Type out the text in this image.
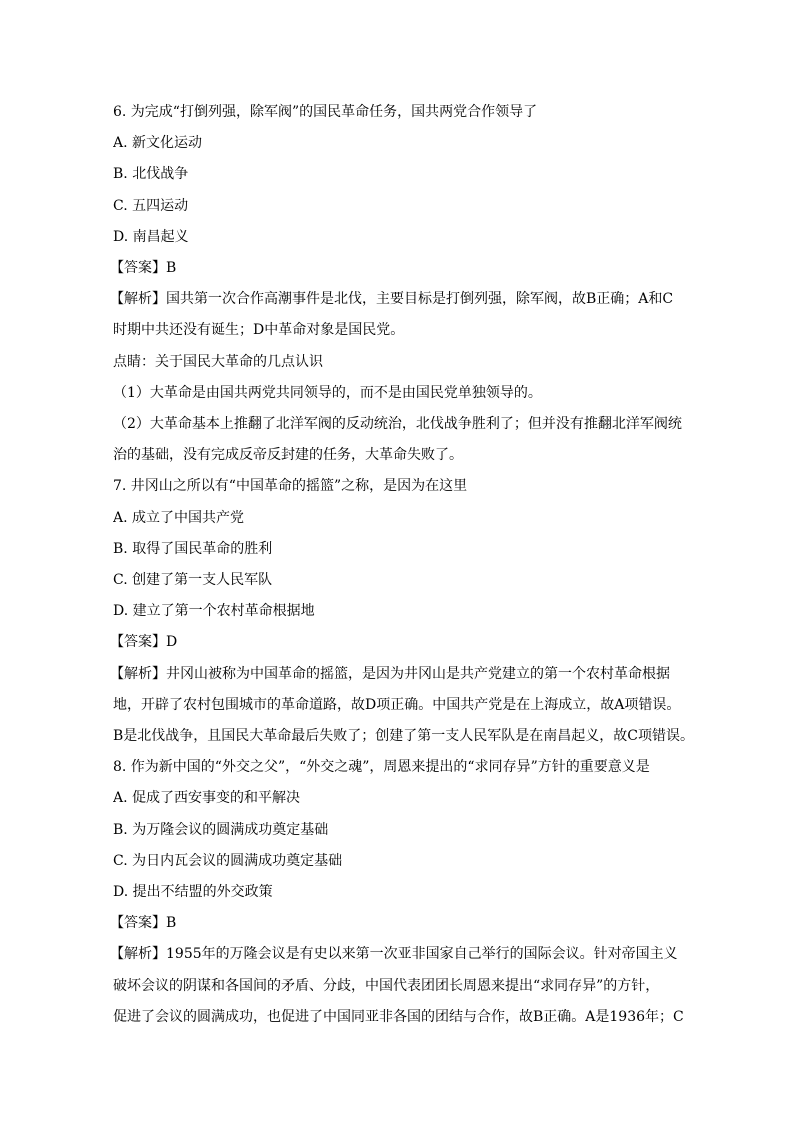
6. 为完成“打倒列强，除军阀”的国民革命任务，国共两党合作领导了
A. 新文化运动
B. 北伐战争
C. 五四运动
D. 南昌起义
【答案】B
【解析】国共第一次合作高潮事件是北伐，主要目标是打倒列强，除军阀，故B正确；A和C
时期中共还没有诞生；D中革命对象是国民党。
点睛：关于国民大革命的几点认识
（1）大革命是由国共两党共同领导的，而不是由国民党单独领导的。
（2）大革命基本上推翻了北洋军阀的反动统治，北伐战争胜利了；但并没有推翻北洋军阀统
治的基础，没有完成反帝反封建的任务，大革命失败了。
7. 井冈山之所以有“中国革命的摇篮”之称，是因为在这里
A. 成立了中国共产党
B. 取得了国民革命的胜利
C. 创建了第一支人民军队
D. 建立了第一个农村革命根据地
【答案】D
【解析】井冈山被称为中国革命的摇篮，是因为井冈山是共产党建立的第一个农村革命根据
地，开辟了农村包围城市的革命道路，故D项正确。中国共产党是在上海成立，故A项错误。
B是北伐战争，且国民大革命最后失败了；创建了第一支人民军队是在南昌起义，故C项错误。
8. 作为新中国的“外交之父”，“外交之魂”，周恩来提出的“求同存异”方针的重要意义是
A. 促成了西安事变的和平解决
B. 为万隆会议的圆满成功奠定基础
C. 为日内瓦会议的圆满成功奠定基础
D. 提出不结盟的外交政策
【答案】B
【解析】1955年的万隆会议是有史以来第一次亚非国家自己举行的国际会议。针对帝国主义
破坏会议的阴谋和各国间的矛盾、分歧，中国代表团团长周恩来提出“求同存异”的方针，
促进了会议的圆满成功，也促进了中国同亚非各国的团结与合作，故B正确。A是1936年；C
